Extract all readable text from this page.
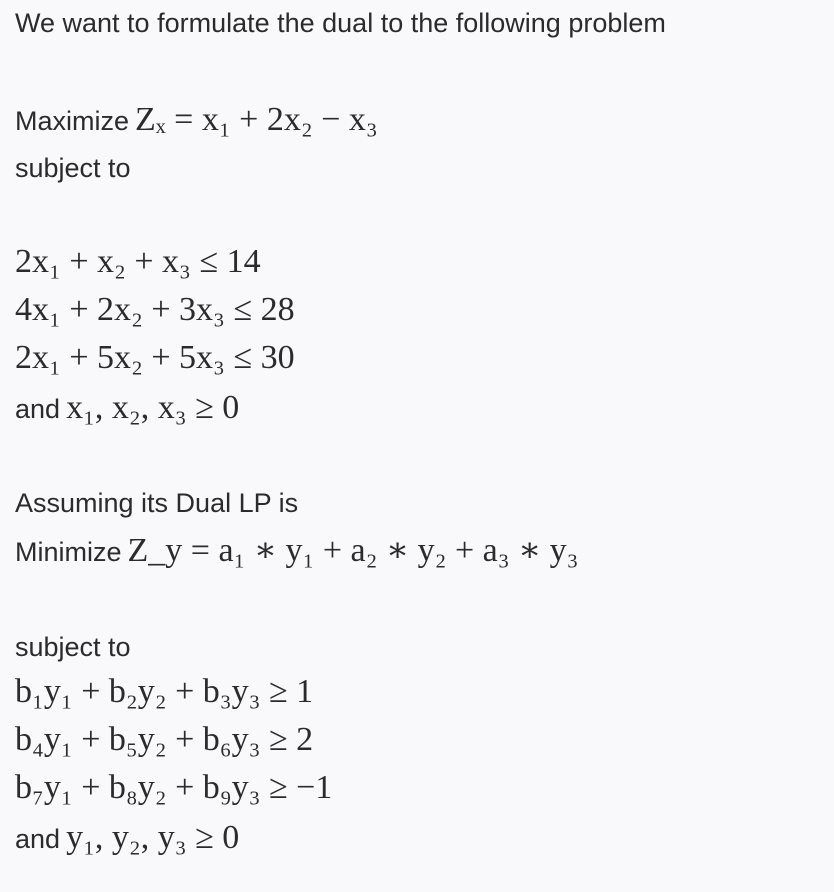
We want to formulate the dual to the following problem
Maximize Zₓ = x₁ + 2x₂ − x₃
subject to
2x₁ + x₂ + x₃ ≤ 14
4x₁ + 2x₂ + 3x₃ ≤ 28
2x₁ + 5x₂ + 5x₃ ≤ 30
and x₁, x₂, x₃ ≥ 0
Assuming its Dual LP is
Minimize Z_y = a₁ ∗ y₁ + a₂ ∗ y₂ + a₃ ∗ y₃
subject to
b₁y₁ + b₂y₂ + b₃y₃ ≥ 1
b₄y₁ + b₅y₂ + b₆y₃ ≥ 2
b₇y₁ + b₈y₂ + b₉y₃ ≥ −1
and y₁, y₂, y₃ ≥ 0
